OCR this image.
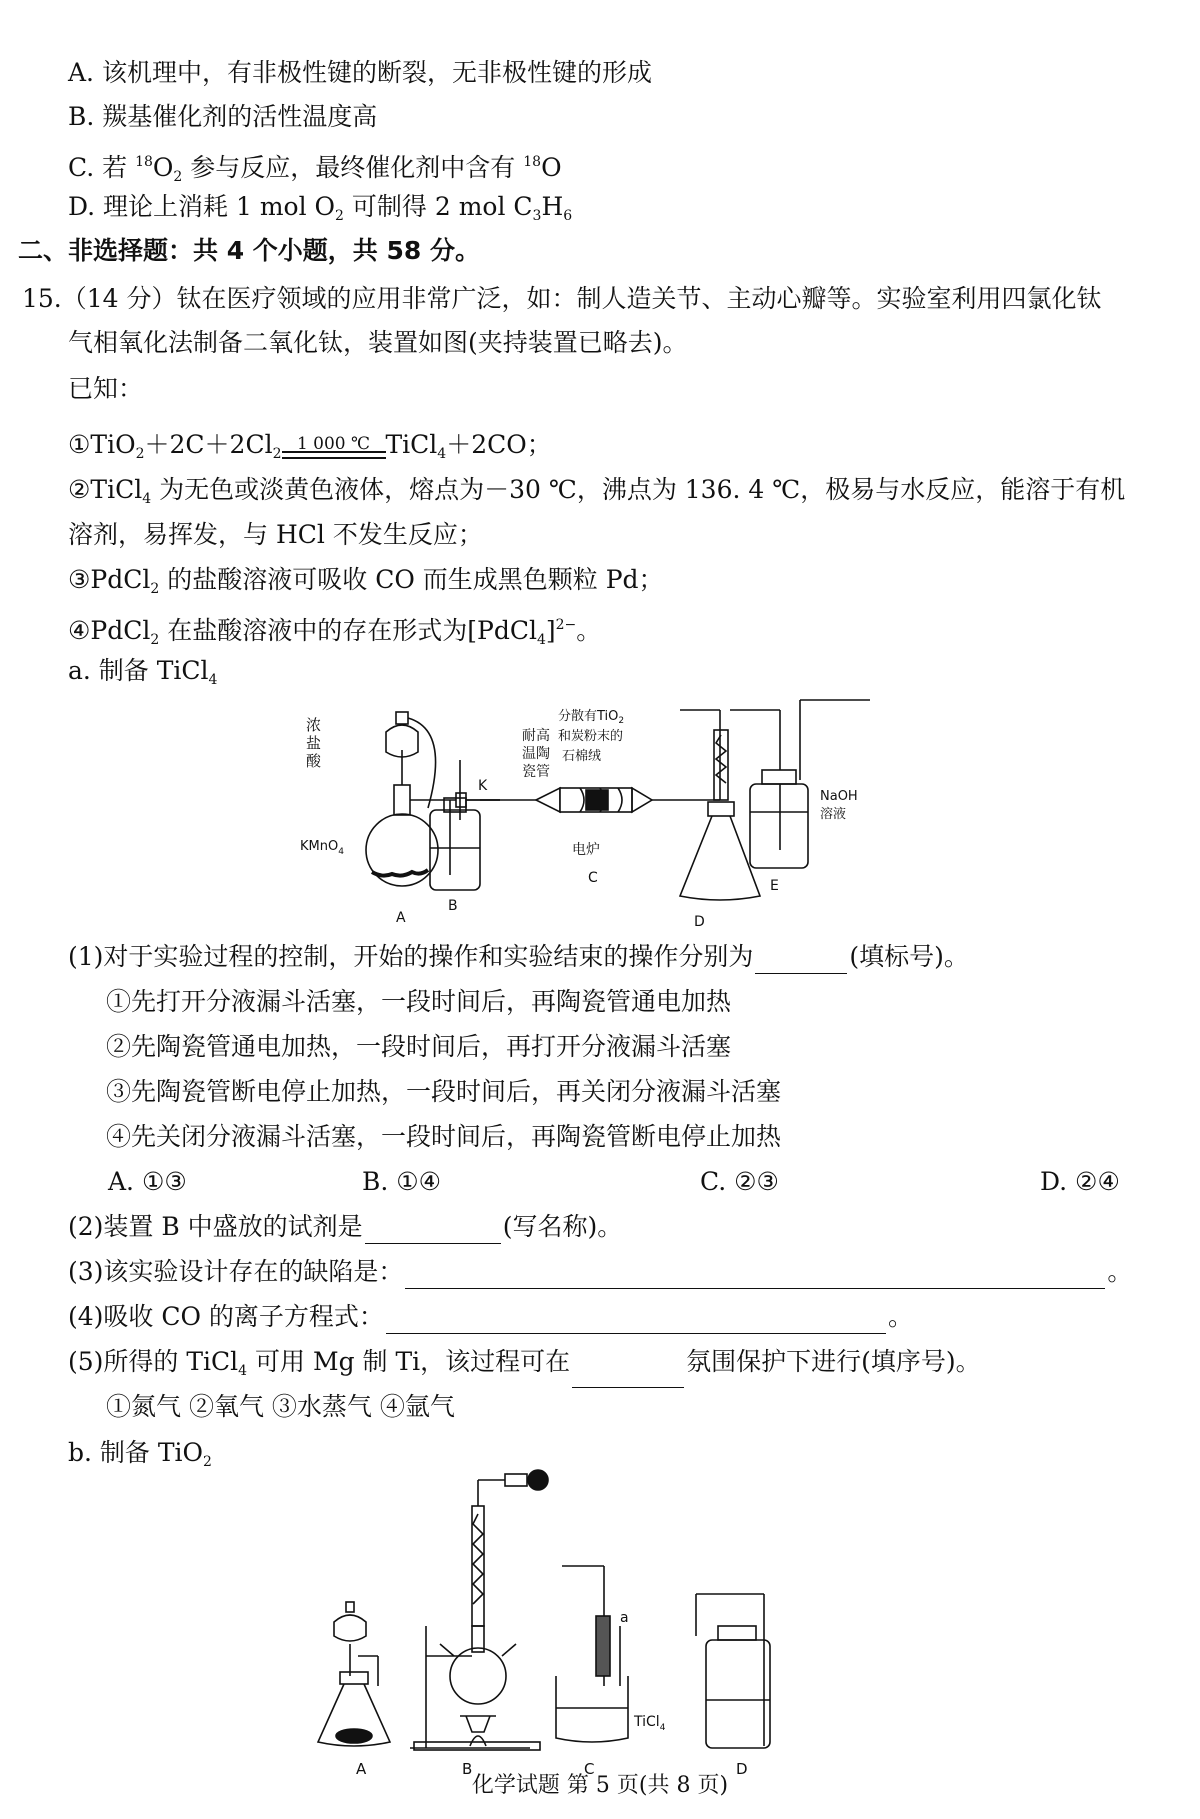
A. 该机理中，有非极性键的断裂，无非极性键的形成
B. 羰基催化剂的活性温度高
C. 若 $^{18}O_2$ 参与反应，最终催化剂中含有 $^{18}$O
D. 理论上消耗 1 mol $O_2$ 可制得 2 mol $C_3H_6$
二、非选择题：共 4 个小题，共 58 分。
15.（14 分）钛在医疗领域的应用非常广泛，如：制人造关节、主动心瓣等。实验室利用四氯化钛
气相氧化法制备二氧化钛，装置如图(夹持装置已略去)。
已知：
$①TiO_2+2C+2Cl_2$ 1 000 ℃ TiCl$_4$＋2CO；
②TiCl$_4$ 为无色或淡黄色液体，熔点为－30 ℃，沸点为 136. 4 ℃，极易与水反应，能溶于有机
溶剂，易挥发，与 HCl 不发生反应；
③PdCl$_2$ 的盐酸溶液可吸收 CO 而生成黑色颗粒 Pd；
④PdCl$_2$ 在盐酸溶液中的存在形式为[PdCl$_4$]$^{2-}$。
a. 制备 TiCl$_4$
浓
盐
酸
KMnO$_4$
A
K
B
耐高
温陶
瓷管
分散有TiO$_2$
和炭粉末的
石棉绒
电炉
C
D
NaOH
溶液
E
(1)对于实验过程的控制，开始的操作和实验结束的操作分别为	(填标号)。
①先打开分液漏斗活塞，一段时间后，再陶瓷管通电加热
②先陶瓷管通电加热，一段时间后，再打开分液漏斗活塞
③先陶瓷管断电停止加热，一段时间后，再关闭分液漏斗活塞
④先关闭分液漏斗活塞，一段时间后，再陶瓷管断电停止加热
A. ①③	B. ①④	C. ②③	D. ②④
(2)装置 B 中盛放的试剂是	(写名称)。
(3)该实验设计存在的缺陷是：	。
(4)吸收 CO 的离子方程式：	。
(5)所得的 TiCl$_4$ 可用 Mg 制 Ti，该过程可在	氛围保护下进行(填序号)。
①氮气 ②氧气 ③水蒸气 ④氩气
b. 制备 TiO$_2$
A	B
a
TiCl$_4$
C	D
化学试题 第 5 页(共 8 页)
